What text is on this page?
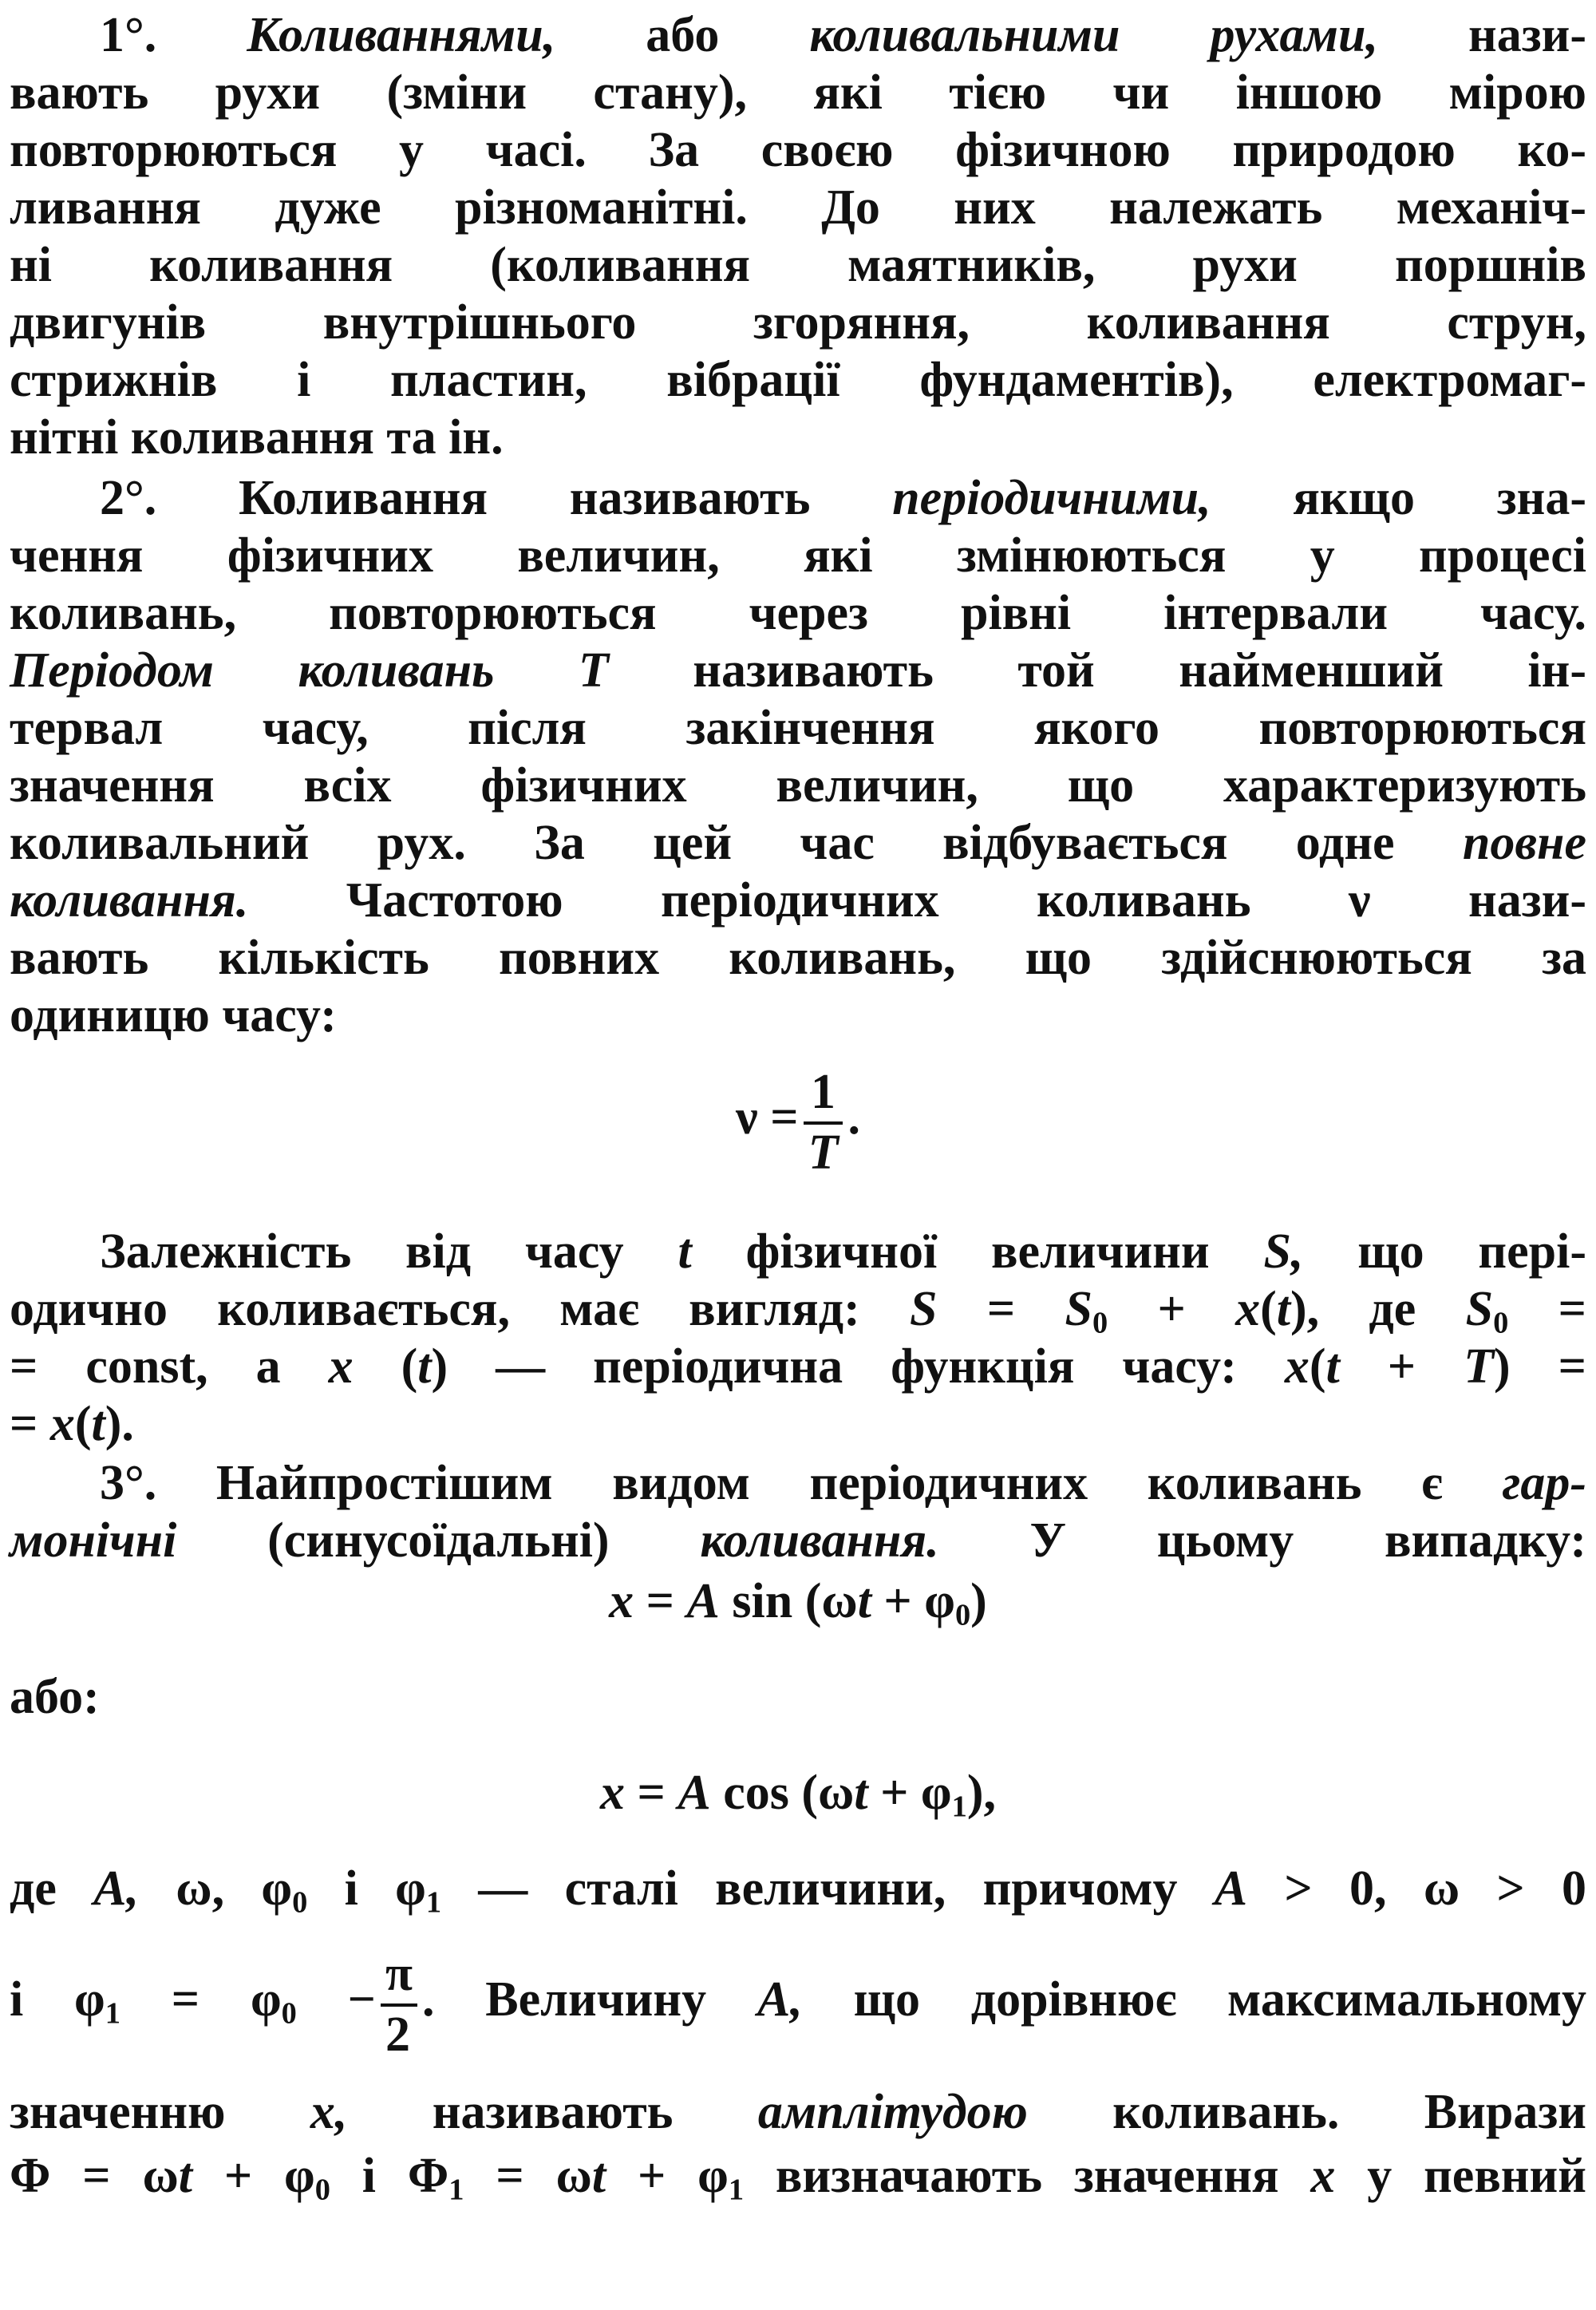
1°. Коливаннями, або коливальними рухами, нази-
вають рухи (зміни стану), які тією чи іншою мірою
повторюються у часі. За своєю фізичною природою ко-
ливання дуже різноманітні. До них належать механіч-
ні коливання (коливання маятників, рухи поршнів
двигунів внутрішнього згоряння, коливання струн,
стрижнів і пластин, вібрації фундаментів), електромаг-
нітні коливання та ін.
2°. Коливання називають періодичними, якщо зна-
чення фізичних величин, які змінюються у процесі
коливань, повторюються через рівні інтервали часу.
Періодом коливань T називають той найменший ін-
тервал часу, після закінчення якого повторюються
значення всіх фізичних величин, що характеризують
коливальний рух. За цей час відбувається одне повне
коливання. Частотою періодичних коливань ν нази-
вають кількість повних коливань, що здійснюються за
одиницю часу:
$\nu = \frac{1}{T}$ .
Залежність від часу t фізичної величини S, що пері-
одично коливається, має вигляд: $S = S_0 + x(t)$, де $S_0$ =
= const, а x (t) — періодична функція часу: x(t + T) =
= x(t).
3°. Найпростішим видом періодичних коливань є гар-
монічні (синусоїдальні) коливання. У цьому випадку:
x = A $\sin (\omega t + \varphi_0)$
або:
x = A $\cos (\omega t + \varphi_1)$,
де A, ω, $\varphi_0$ і $\varphi_1$ — сталі величини, причому A > 0, ω > 0
і $\varphi_1 = \varphi_0 - \frac{\pi}{2}$ . Величину A, що дорівнює максимальному
значенню x, називають амплітудою коливань. Вирази
$\Phi = \omega t + \varphi_0$ і $\Phi_1 = \omega t + \varphi_1$ визначають значення x у певний
